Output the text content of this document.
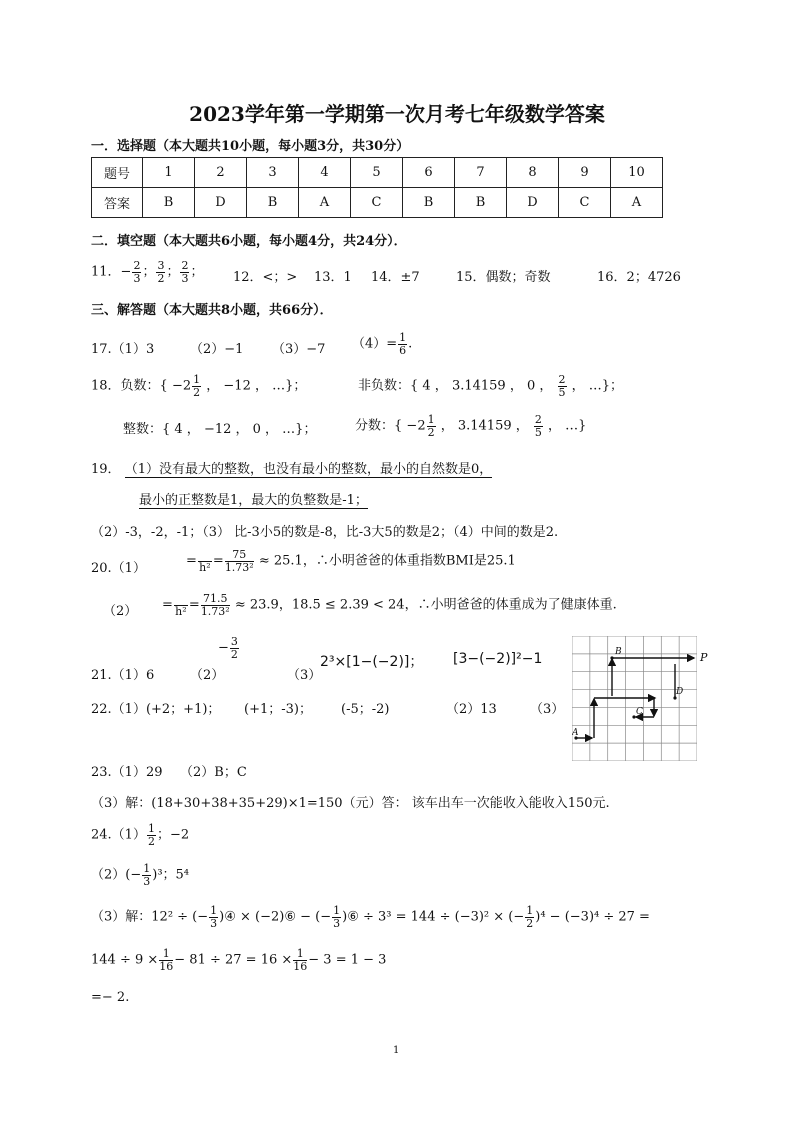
2023学年第一学期第一次月考七年级数学答案
一．选择题（本大题共10小题，每小题3分，共30分）
题号	1	2	3	4	5	6	7	8	9	10
答案	B	D	B	A	C	B	B	D	C	A
二．填空题（本大题共6小题，每小题4分，共24分）．
11．− $\frac{2}{3}$ ； $\frac{3}{2}$ ； $\frac{2}{3}$ ； 12．<；> 13．1 14．±7	15．偶数；奇数	16．2；4726
三、解答题（本大题共8小题，共66分）．
17.（1）3	（2）−1 （3）−7 $(4)= \frac{1}{6}$ .
18．负数：{ $-2 \frac{1}{2}$ ， −12 ， …}；	非负数：{ 4 ， 3.14159 ， 0 ， $\frac{2}{5}$ ， …}；
整数：{ 4 ， −12 ， 0 ， …}；	分数：{ $-2 \frac{1}{2}$ ， 3.14159 ， $\frac{2}{5}$ ， …}
19． （1）没有最大的整数，也没有最小的整数，最小的自然数是0，
最小的正整数是1，最大的负整数是-1；
（2）-3，-2，-1；（3） 比-3小5的数是-8，比-3大5的数是2；（4）中间的数是2.
20.（1）	=
$h^2 = \frac{75}{\text{1.73²}} \approx 25.1$，∴小明爸爸的体重指数BMI是25.1
（2） =
$h^2 = \frac{71.5}{\text{1.73²}} \approx 23.9$，18.5 ≤ 2.39 < 24，∴小明爸爸的体重成为了健康体重.
21.（1）6	（2）
− $\frac{3}{2}$
（3）
2³×[1−(−2)]； [3−(−2)]²−1
22.（1）(+2；+1)； (+1；-3)； (-5；-2)	（2）13	（3）
A
B
C
D
P
23.（1）29 （2）B；C
（3）解：(18+30+38+35+29)×1=150（元）答： 该车出车一次能收入能收入150元.
$24.(1) \frac{1}{2}$ ；−2
$(2)(- \frac{1}{3} )^3$；5⁴
（3）解：12² ÷ (− $\frac{1}{3}$ )④ × (−2)⑥ − (− $\frac{1}{3}$ )⑥ ÷ 3³ = 144 ÷ (−3)² × (− $\frac{1}{2} )^4 - (-3)^4 \div 27$ =
$144 \div 9 \times \frac{1}{16} - 81 \div 27 = 16 \times \frac{1}{16} - 3 = 1 - 3$
=− 2.
1
